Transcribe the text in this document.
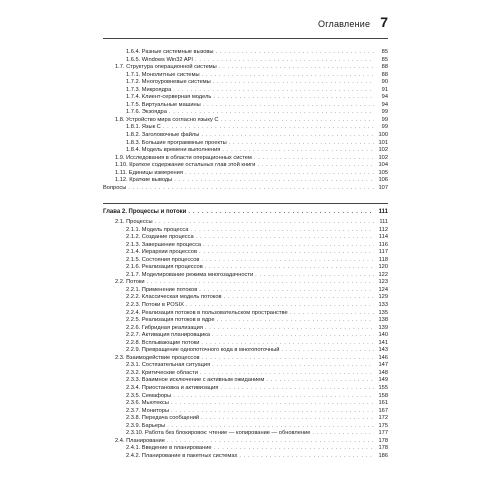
Оглавление 7
1.6.4. Разные системные вызовы . . .	85
1.6.5. Windows Win32 API . . .	85
1.7. Структура операционной системы . . .	88
1.7.1. Монолитные системы . . .	88
1.7.2. Многоуровневые системы . . .	90
1.7.3. Микроядра . . .	91
1.7.4. Клиент-серверная модель . . .	94
1.7.5. Виртуальные машины . . .	94
1.7.6. Экзоядра . . .	99
1.8. Устройство мира согласно языку C . . .	99
1.8.1. Язык C . . .	99
1.8.2. Заголовочные файлы . . .	100
1.8.3. Большие программные проекты . . .	101
1.8.4. Модель времени выполнения . . .	102
1.9. Исследования в области операционных систем . . .	102
1.10. Краткое содержание остальных глав этой книги . . .	104
1.11. Единицы измерения . . .	105
1.12. Краткие выводы . . .	106
Вопросы . . .	107
Глава 2. Процессы и потоки . . .	111
2.1. Процессы . . .	111
2.1.1. Модель процесса . . .	112
2.1.2. Создание процесса . . .	114
2.1.3. Завершение процесса . . .	116
2.1.4. Иерархии процессов . . .	117
2.1.5. Состояния процессов . . .	118
2.1.6. Реализация процессов . . .	120
2.1.7. Моделирование режима многозадачности . . .	122
2.2. Потоки . . .	123
2.2.1. Применение потоков . . .	124
2.2.2. Классическая модель потоков . . .	129
2.2.3. Потоки в POSIX . . .	133
2.2.4. Реализация потоков в пользовательском пространстве . . .	135
2.2.5. Реализация потоков в ядре . . .	138
2.2.6. Гибридная реализация . . .	139
2.2.7. Активация планировщика . . .	140
2.2.8. Всплывающие потоки . . .	141
2.2.9. Превращение однопоточного кода в многопоточный . . .	143
2.3. Взаимодействие процессов . . .	146
2.3.1. Состязательная ситуация . . .	147
2.3.2. Критические области . . .	148
2.3.3. Взаимное исключение с активным ожиданием . . .	149
2.3.4. Приостановка и активизация . . .	155
2.3.5. Семафоры . . .	158
2.3.6. Мьютексы . . .	161
2.3.7. Мониторы . . .	167
2.3.8. Передача сообщений . . .	172
2.3.9. Барьеры . . .	175
2.3.10. Работа без блокировок: чтение — копирование — обновление . . .	177
2.4. Планирование . . .	178
2.4.1. Введение в планирование . . .	178
2.4.2. Планирование в пакетных системах . . .	186
